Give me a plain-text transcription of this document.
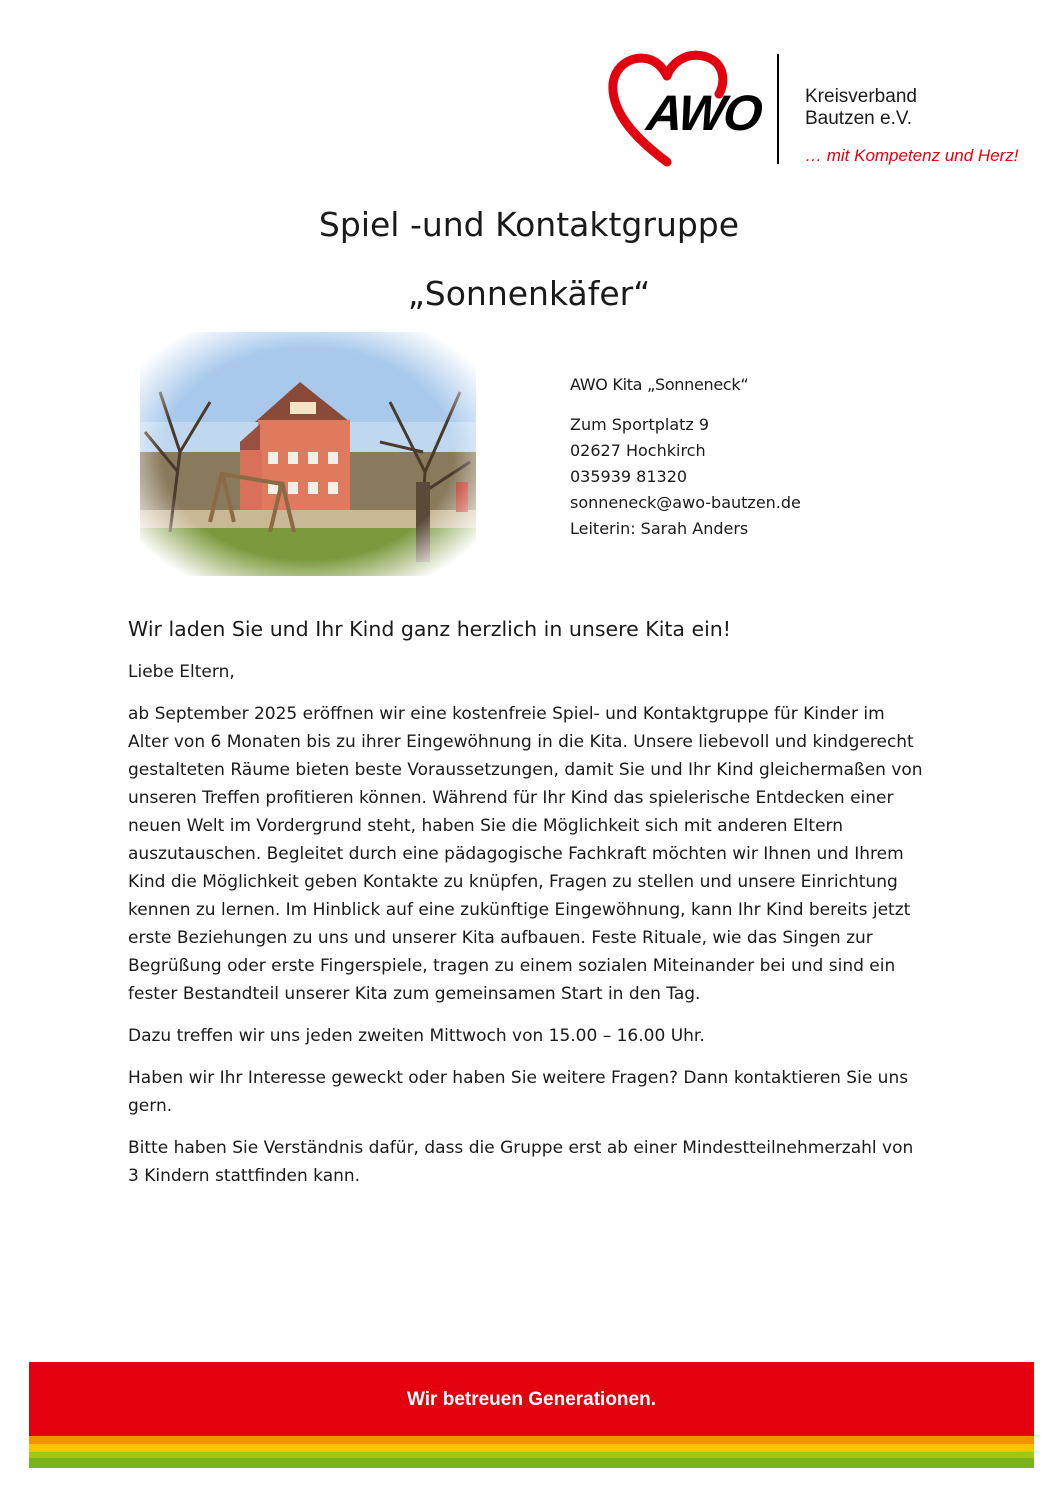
AWO Kreisverband
Bautzen e.V.
… mit Kompetenz und Herz!
Spiel -und Kontaktgruppe
„Sonnenkäfer“
AWO Kita „Sonneneck“
Zum Sportplatz 9
02627 Hochkirch
035939 81320
sonneneck@awo-bautzen.de
Leiterin: Sarah Anders

Wir laden Sie und Ihr Kind ganz herzlich in unsere Kita ein!

Liebe Eltern,

ab September 2025 eröffnen wir eine kostenfreie Spiel- und Kontaktgruppe für Kinder im Alter von 6 Monaten bis zu ihrer Eingewöhnung in die Kita. Unsere liebevoll und kindgerecht gestalteten Räume bieten beste Voraussetzungen, damit Sie und Ihr Kind gleichermaßen von unseren Treffen profitieren können. Während für Ihr Kind das spielerische Entdecken einer neuen Welt im Vordergrund steht, haben Sie die Möglichkeit sich mit anderen Eltern auszutauschen. Begleitet durch eine pädagogische Fachkraft möchten wir Ihnen und Ihrem Kind die Möglichkeit geben Kontakte zu knüpfen, Fragen zu stellen und unsere Einrichtung kennen zu lernen. Im Hinblick auf eine zukünftige Eingewöhnung, kann Ihr Kind bereits jetzt erste Beziehungen zu uns und unserer Kita aufbauen. Feste Rituale, wie das Singen zur Begrüßung oder erste Fingerspiele, tragen zu einem sozialen Miteinander bei und sind ein fester Bestandteil unserer Kita zum gemeinsamen Start in den Tag.

Dazu treffen wir uns jeden zweiten Mittwoch von 15.00 – 16.00 Uhr.

Haben wir Ihr Interesse geweckt oder haben Sie weitere Fragen? Dann kontaktieren Sie uns gern.

Bitte haben Sie Verständnis dafür, dass die Gruppe erst ab einer Mindestteilnehmerzahl von 3 Kindern stattfinden kann.

Wir betreuen Generationen.
